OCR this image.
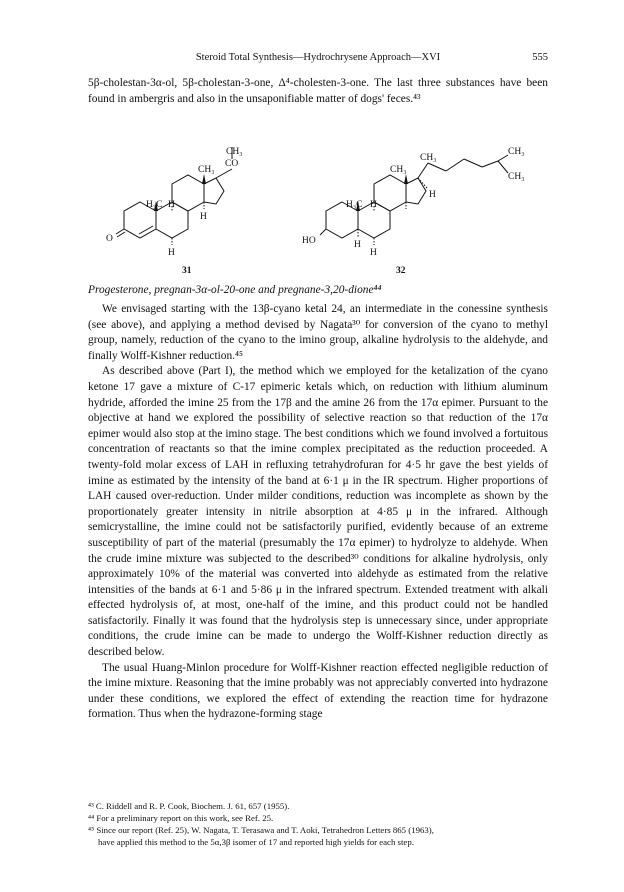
Steroid Total Synthesis—Hydrochrysene Approach—XVI	555

5β-cholestan-3α-ol, 5β-cholestan-3-one, Δ⁴-cholesten-3-one. The last three substances have been found in ambergris and also in the unsaponifiable matter of dogs' feces.⁴³

CH₃
CH₃
CO
H₃C H
H
H
O
31
CH₃
CH₃
H
CH₃
CH₃
H₃C H
H
H
HO
32
Progesterone, pregnan-3α-ol-20-one and pregnane-3,20-dione⁴⁴

We envisaged starting with the 13β-cyano ketal 24, an intermediate in the conessine synthesis (see above), and applying a method devised by Nagata³⁰ for conversion of the cyano to methyl group, namely, reduction of the cyano to the imino group, alkaline hydrolysis to the aldehyde, and finally Wolff-Kishner reduction.⁴⁵

As described above (Part I), the method which we employed for the ketalization of the cyano ketone 17 gave a mixture of C-17 epimeric ketals which, on reduction with lithium aluminum hydride, afforded the imine 25 from the 17β and the amine 26 from the 17α epimer. Pursuant to the objective at hand we explored the possibility of selective reaction so that reduction of the 17α epimer would also stop at the imino stage. The best conditions which we found involved a fortuitous concentration of reactants so that the imine complex precipitated as the reduction proceeded. A twenty-fold molar excess of LAH in refluxing tetrahydrofuran for 4·5 hr gave the best yields of imine as estimated by the intensity of the band at 6·1 μ in the IR spectrum. Higher proportions of LAH caused over-reduction. Under milder conditions, reduction was incomplete as shown by the proportionately greater intensity in nitrile absorption at 4·85 μ in the infrared. Although semicrystalline, the imine could not be satisfactorily purified, evidently because of an extreme susceptibility of part of the material (presumably the 17α epimer) to hydrolyze to aldehyde. When the crude imine mixture was subjected to the described³⁰ conditions for alkaline hydrolysis, only approximately 10% of the material was converted into aldehyde as estimated from the relative intensities of the bands at 6·1 and 5·86 μ in the infrared spectrum. Extended treatment with alkali effected hydrolysis of, at most, one-half of the imine, and this product could not be handled satisfactorily. Finally it was found that the hydrolysis step is unnecessary since, under appropriate conditions, the crude imine can be made to undergo the Wolff-Kishner reduction directly as described below.

The usual Huang-Minlon procedure for Wolff-Kishner reaction effected negligible reduction of the imine mixture. Reasoning that the imine probably was not appreciably converted into hydrazone under these conditions, we explored the effect of extending the reaction time for hydrazone formation. Thus when the hydrazone-forming stage

⁴³ C. Riddell and R. P. Cook, Biochem. J. 61, 657 (1955).

⁴⁴ For a preliminary report on this work, see Ref. 25.

⁴⁵ Since our report (Ref. 25), W. Nagata, T. Terasawa and T. Aoki, Tetrahedron Letters 865 (1963),

have applied this method to the 5α,3β isomer of 17 and reported high yields for each step.
